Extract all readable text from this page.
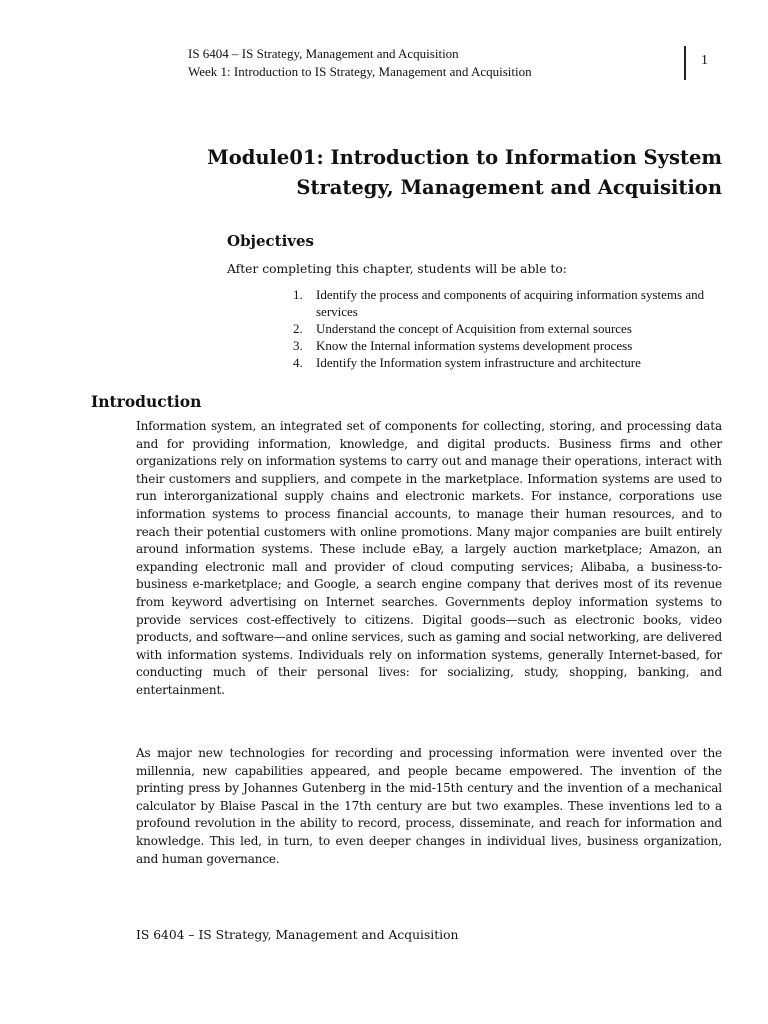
IS 6404 – IS Strategy, Management and Acquisition
Week 1: Introduction to IS Strategy, Management and Acquisition
1
Module01: Introduction to Information System
Strategy, Management and Acquisition
Objectives

After completing this chapter, students will be able to:

1.	Identify the process and components of acquiring information systems and services
2.	Understand the concept of Acquisition from external sources
3.	Know the Internal information systems development process
4.	Identify the Information system infrastructure and architecture
Introduction

Information system, an integrated set of components for collecting, storing, and processing data and for providing information, knowledge, and digital products. Business firms and other organizations rely on information systems to carry out and manage their operations, interact with their customers and suppliers, and compete in the marketplace. Information systems are used to run interorganizational supply chains and electronic markets. For instance, corporations use information systems to process financial accounts, to manage their human resources, and to reach their potential customers with online promotions. Many major companies are built entirely around information systems. These include eBay, a largely auction marketplace; Amazon, an expanding electronic mall and provider of cloud computing services; Alibaba, a business-to-business e-marketplace; and Google, a search engine company that derives most of its revenue from keyword advertising on Internet searches. Governments deploy information systems to provide services cost-effectively to citizens. Digital goods—such as electronic books, video products, and software—and online services, such as gaming and social networking, are delivered with information systems. Individuals rely on information systems, generally Internet-based, for conducting much of their personal lives: for socializing, study, shopping, banking, and entertainment.

As major new technologies for recording and processing information were invented over the millennia, new capabilities appeared, and people became empowered. The invention of the printing press by Johannes Gutenberg in the mid-15th century and the invention of a mechanical calculator by Blaise Pascal in the 17th century are but two examples. These inventions led to a profound revolution in the ability to record, process, disseminate, and reach for information and knowledge. This led, in turn, to even deeper changes in individual lives, business organization, and human governance.

IS 6404 – IS Strategy, Management and Acquisition
